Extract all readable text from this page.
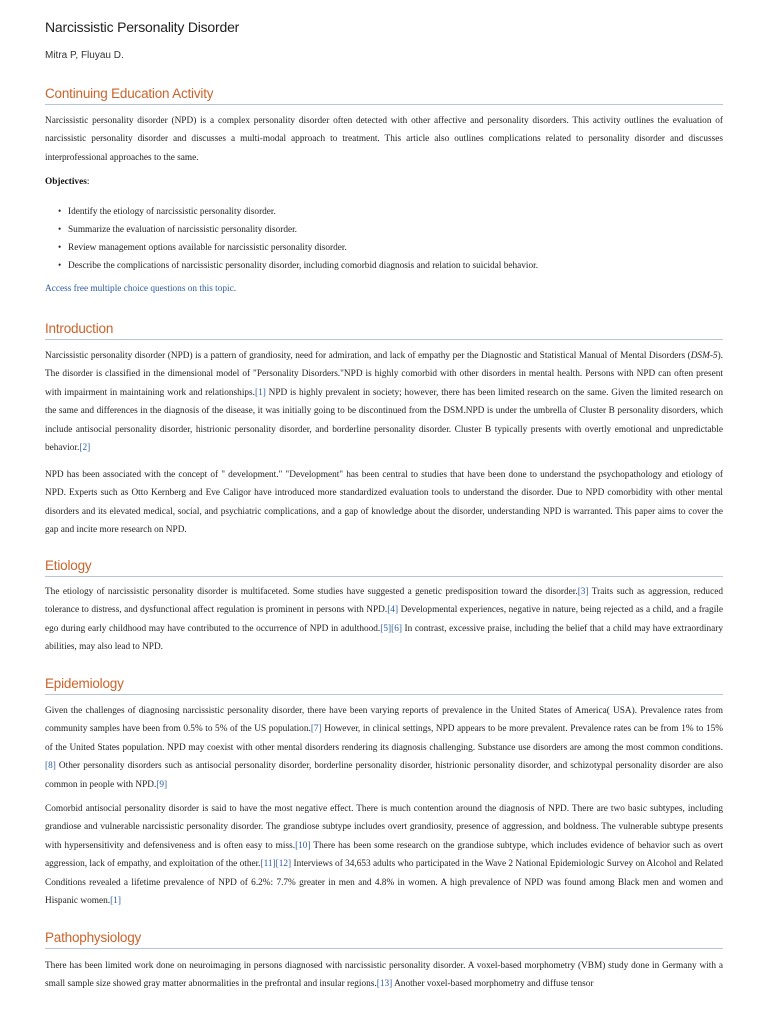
Narcissistic Personality Disorder
Mitra P, Fluyau D.
Continuing Education Activity

Narcissistic personality disorder (NPD) is a complex personality disorder often detected with other affective and personality disorders. This activity outlines the evaluation of narcissistic personality disorder and discusses a multi-modal approach to treatment. This article also outlines complications related to personality disorder and discusses interprofessional approaches to the same.

Objectives:
• Identify the etiology of narcissistic personality disorder.
• Summarize the evaluation of narcissistic personality disorder.
• Review management options available for narcissistic personality disorder.
• Describe the complications of narcissistic personality disorder, including comorbid diagnosis and relation to suicidal behavior.
Access free multiple choice questions on this topic.
Introduction

Narcissistic personality disorder (NPD) is a pattern of grandiosity, need for admiration, and lack of empathy per the Diagnostic and Statistical Manual of Mental Disorders (DSM-5). The disorder is classified in the dimensional model of "Personality Disorders."NPD is highly comorbid with other disorders in mental health. Persons with NPD can often present with impairment in maintaining work and relationships.[1] NPD is highly prevalent in society; however, there has been limited research on the same. Given the limited research on the same and differences in the diagnosis of the disease, it was initially going to be discontinued from the DSM.NPD is under the umbrella of Cluster B personality disorders, which include antisocial personality disorder, histrionic personality disorder, and borderline personality disorder. Cluster B typically presents with overtly emotional and unpredictable behavior.[2]

NPD has been associated with the concept of " development." "Development" has been central to studies that have been done to understand the psychopathology and etiology of NPD. Experts such as Otto Kernberg and Eve Caligor have introduced more standardized evaluation tools to understand the disorder. Due to NPD comorbidity with other mental disorders and its elevated medical, social, and psychiatric complications, and a gap of knowledge about the disorder, understanding NPD is warranted. This paper aims to cover the gap and incite more research on NPD.

Etiology

The etiology of narcissistic personality disorder is multifaceted. Some studies have suggested a genetic predisposition toward the disorder.[3] Traits such as aggression, reduced tolerance to distress, and dysfunctional affect regulation is prominent in persons with NPD.[4] Developmental experiences, negative in nature, being rejected as a child, and a fragile ego during early childhood may have contributed to the occurrence of NPD in adulthood.[5][6] In contrast, excessive praise, including the belief that a child may have extraordinary abilities, may also lead to NPD.

Epidemiology

Given the challenges of diagnosing narcissistic personality disorder, there have been varying reports of prevalence in the United States of America( USA). Prevalence rates from community samples have been from 0.5% to 5% of the US population.[7] However, in clinical settings, NPD appears to be more prevalent. Prevalence rates can be from 1% to 15% of the United States population. NPD may coexist with other mental disorders rendering its diagnosis challenging. Substance use disorders are among the most common conditions.[8] Other personality disorders such as antisocial personality disorder, borderline personality disorder, histrionic personality disorder, and schizotypal personality disorder are also common in people with NPD.[9]

Comorbid antisocial personality disorder is said to have the most negative effect. There is much contention around the diagnosis of NPD. There are two basic subtypes, including grandiose and vulnerable narcissistic personality disorder. The grandiose subtype includes overt grandiosity, presence of aggression, and boldness. The vulnerable subtype presents with hypersensitivity and defensiveness and is often easy to miss.[10] There has been some research on the grandiose subtype, which includes evidence of behavior such as overt aggression, lack of empathy, and exploitation of the other.[11][12] Interviews of 34,653 adults who participated in the Wave 2 National Epidemiologic Survey on Alcohol and Related Conditions revealed a lifetime prevalence of NPD of 6.2%: 7.7% greater in men and 4.8% in women. A high prevalence of NPD was found among Black men and women and Hispanic women.[1]

Pathophysiology

There has been limited work done on neuroimaging in persons diagnosed with narcissistic personality disorder. A voxel-based morphometry (VBM) study done in Germany with a small sample size showed gray matter abnormalities in the prefrontal and insular regions.[13] Another voxel-based morphometry and diffuse tensor
